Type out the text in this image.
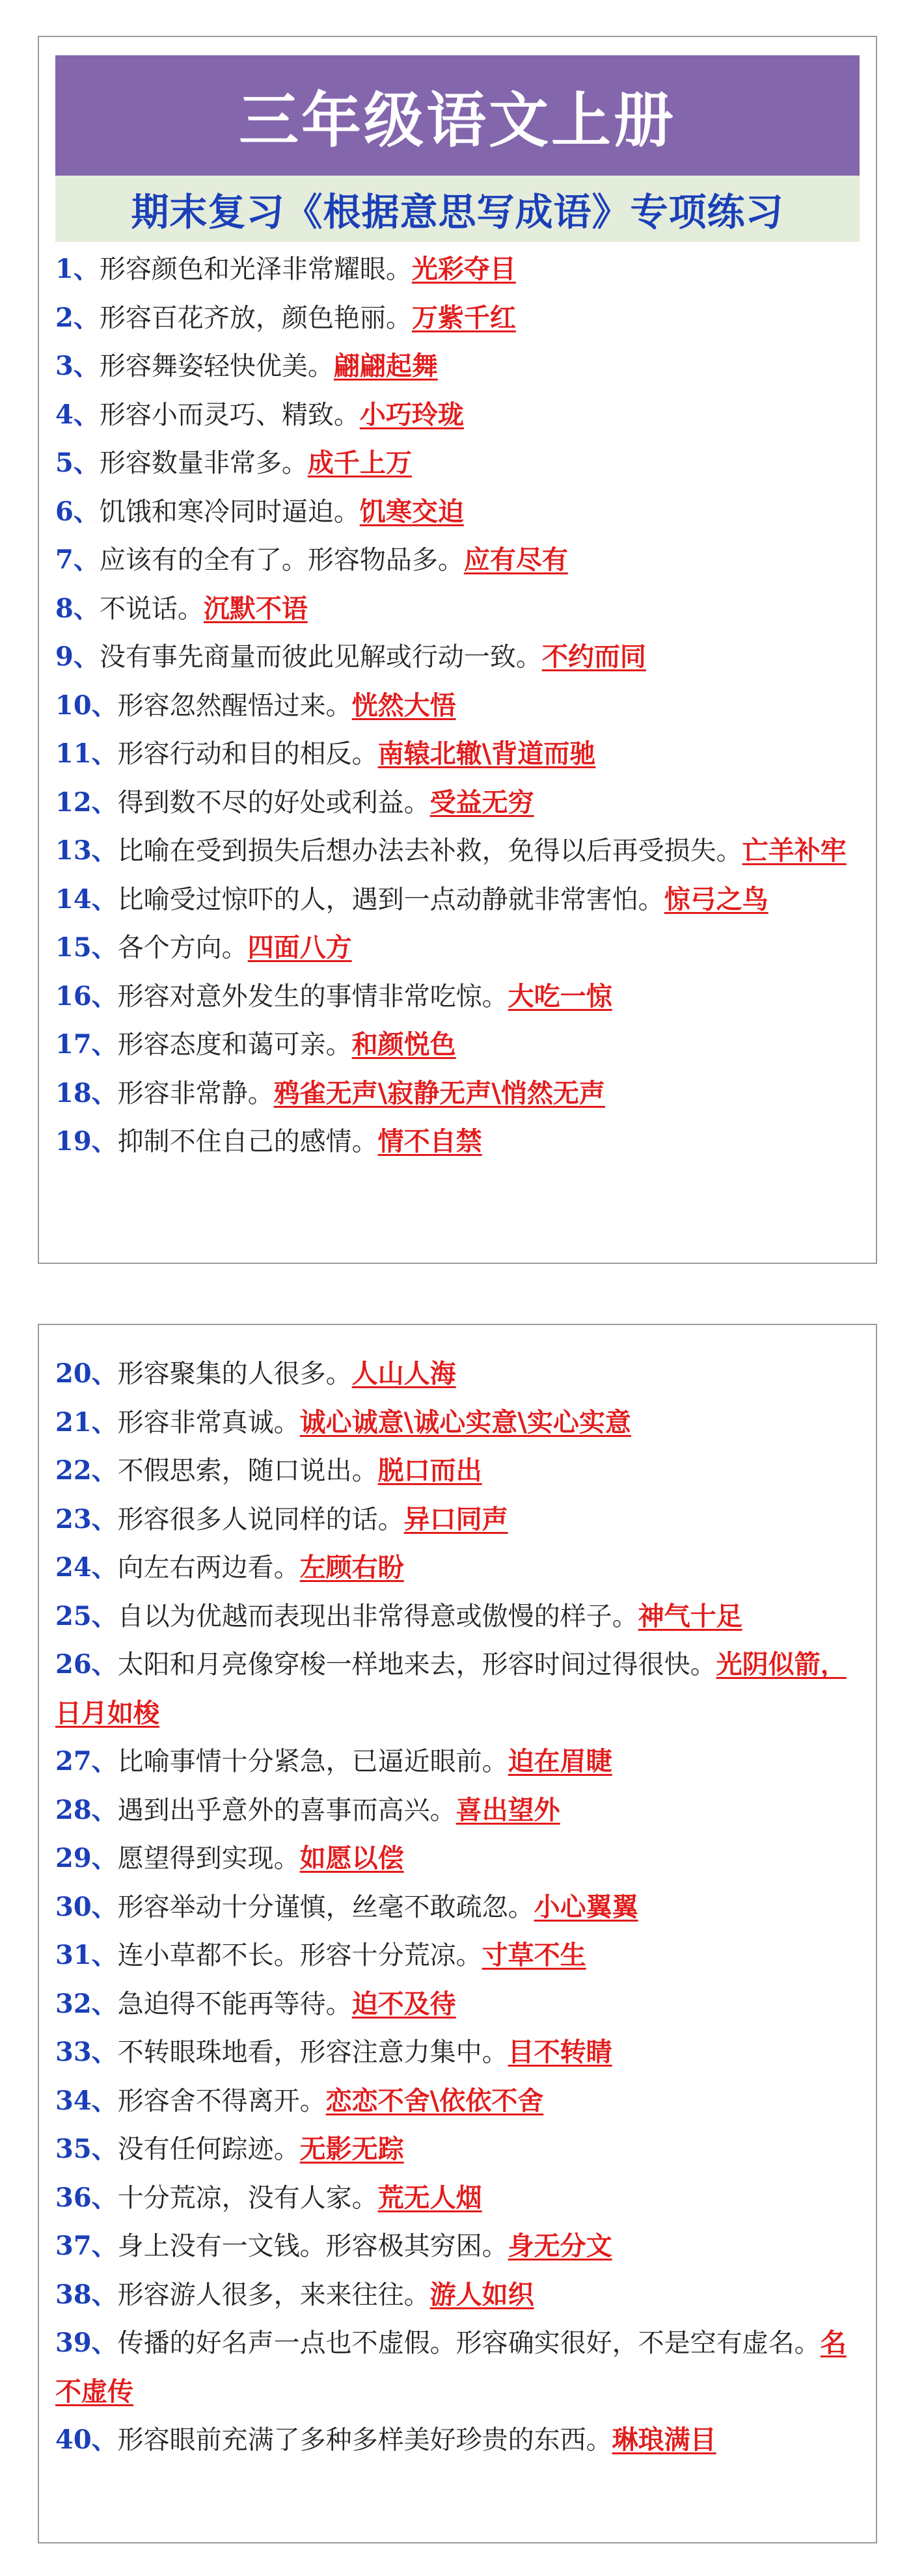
三年级语文上册
期末复习《根据意思写成语》专项练习
1、形容颜色和光泽非常耀眼。光彩夺目
2、形容百花齐放，颜色艳丽。万紫千红
3、形容舞姿轻快优美。翩翩起舞
4、形容小而灵巧、精致。小巧玲珑
5、形容数量非常多。成千上万
6、饥饿和寒冷同时逼迫。饥寒交迫
7、应该有的全有了。形容物品多。应有尽有
8、不说话。沉默不语
9、没有事先商量而彼此见解或行动一致。不约而同
10、形容忽然醒悟过来。恍然大悟
11、形容行动和目的相反。南辕北辙\背道而驰
12、得到数不尽的好处或利益。受益无穷
13、比喻在受到损失后想办法去补救，免得以后再受损失。亡羊补牢
14、比喻受过惊吓的人，遇到一点动静就非常害怕。惊弓之鸟
15、各个方向。四面八方
16、形容对意外发生的事情非常吃惊。大吃一惊
17、形容态度和蔼可亲。和颜悦色
18、形容非常静。鸦雀无声\寂静无声\悄然无声
19、抑制不住自己的感情。情不自禁
20、形容聚集的人很多。人山人海
21、形容非常真诚。诚心诚意\诚心实意\实心实意
22、不假思索，随口说出。脱口而出
23、形容很多人说同样的话。异口同声
24、向左右两边看。左顾右盼
25、自以为优越而表现出非常得意或傲慢的样子。神气十足
26、太阳和月亮像穿梭一样地来去，形容时间过得很快。光阴似箭，日月如梭
27、比喻事情十分紧急，已逼近眼前。迫在眉睫
28、遇到出乎意外的喜事而高兴。喜出望外
29、愿望得到实现。如愿以偿
30、形容举动十分谨慎，丝毫不敢疏忽。小心翼翼
31、连小草都不长。形容十分荒凉。寸草不生
32、急迫得不能再等待。迫不及待
33、不转眼珠地看，形容注意力集中。目不转睛
34、形容舍不得离开。恋恋不舍\依依不舍
35、没有任何踪迹。无影无踪
36、十分荒凉，没有人家。荒无人烟
37、身上没有一文钱。形容极其穷困。身无分文
38、形容游人很多，来来往往。游人如织
39、传播的好名声一点也不虚假。形容确实很好，不是空有虚名。名不虚传
40、形容眼前充满了多种多样美好珍贵的东西。琳琅满目
